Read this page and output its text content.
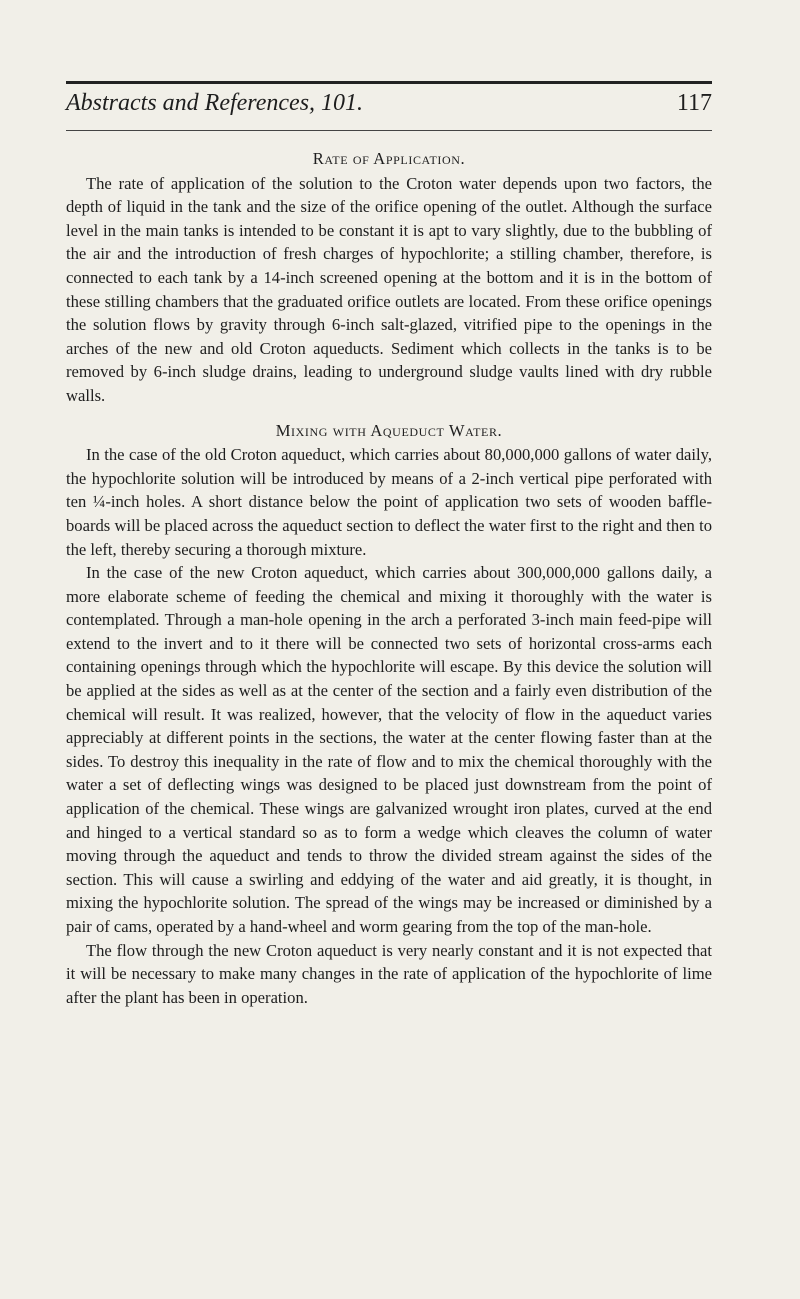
Abstracts and References, 101.	117
Rate of Application.

The rate of application of the solution to the Croton water depends upon two factors, the depth of liquid in the tank and the size of the orifice opening of the outlet. Although the surface level in the main tanks is intended to be constant it is apt to vary slightly, due to the bubbling of the air and the introduction of fresh charges of hypochlorite; a stilling chamber, therefore, is connected to each tank by a 14-inch screened opening at the bottom and it is in the bottom of these stilling chambers that the graduated orifice outlets are located. From these orifice openings the solution flows by gravity through 6-inch salt-glazed, vitrified pipe to the openings in the arches of the new and old Croton aqueducts. Sediment which collects in the tanks is to be removed by 6-inch sludge drains, leading to underground sludge vaults lined with dry rubble walls.

Mixing with Aqueduct Water.

In the case of the old Croton aqueduct, which carries about 80,000,000 gallons of water daily, the hypochlorite solution will be introduced by means of a 2-inch vertical pipe perforated with ten ¼-inch holes. A short distance below the point of application two sets of wooden baffle-boards will be placed across the aqueduct section to deflect the water first to the right and then to the left, thereby securing a thorough mixture.

In the case of the new Croton aqueduct, which carries about 300,000,000 gallons daily, a more elaborate scheme of feeding the chemical and mixing it thoroughly with the water is contemplated. Through a man-hole opening in the arch a perforated 3-inch main feed-pipe will extend to the invert and to it there will be connected two sets of horizontal cross-arms each containing openings through which the hypochlorite will escape. By this device the solution will be applied at the sides as well as at the center of the section and a fairly even distribution of the chemical will result. It was realized, however, that the velocity of flow in the aqueduct varies appreciably at different points in the sections, the water at the center flowing faster than at the sides. To destroy this inequality in the rate of flow and to mix the chemical thoroughly with the water a set of deflecting wings was designed to be placed just downstream from the point of application of the chemical. These wings are galvanized wrought iron plates, curved at the end and hinged to a vertical standard so as to form a wedge which cleaves the column of water moving through the aqueduct and tends to throw the divided stream against the sides of the section. This will cause a swirling and eddying of the water and aid greatly, it is thought, in mixing the hypochlorite solution. The spread of the wings may be increased or diminished by a pair of cams, operated by a hand-wheel and worm gearing from the top of the man-hole.

The flow through the new Croton aqueduct is very nearly constant and it is not expected that it will be necessary to make many changes in the rate of application of the hypochlorite of lime after the plant has been in operation.
